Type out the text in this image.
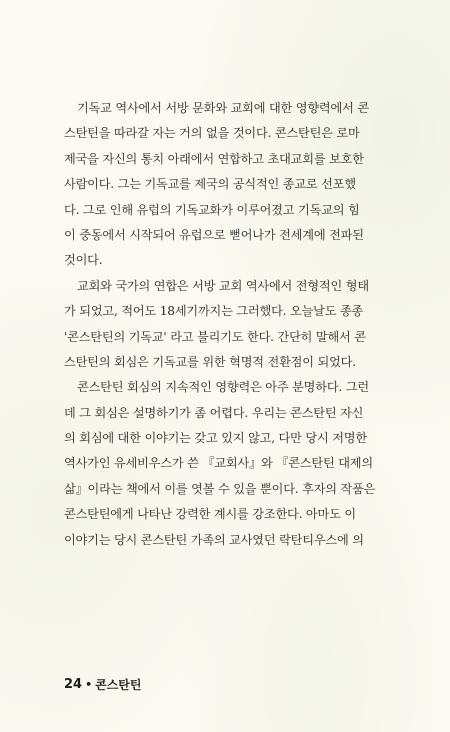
기독교 역사에서 서방 문화와 교회에 대한 영향력에서 콘
스탄틴을 따라갈 자는 거의 없을 것이다. 콘스탄틴은 로마
제국을 자신의 통치 아래에서 연합하고 초대교회를 보호한
사람이다. 그는 기독교를 제국의 공식적인 종교로 선포했
다. 그로 인해 유럽의 기독교화가 이루어졌고 기독교의 힘
이 중동에서 시작되어 유럽으로 뻗어나가 전세계에 전파된
것이다.
교회와 국가의 연합은 서방 교회 역사에서 전형적인 형태
가 되었고, 적어도 18세기까지는 그러했다. 오늘날도 종종
'콘스탄틴의 기독교' 라고 불리기도 한다. 간단히 말해서 콘
스탄틴의 회심은 기독교를 위한 혁명적 전환점이 되었다.
콘스탄틴 회심의 지속적인 영향력은 아주 분명하다. 그런
데 그 회심은 설명하기가 좀 어렵다. 우리는 콘스탄틴 자신
의 회심에 대한 이야기는 갖고 있지 않고, 다만 당시 저명한
역사가인 유세비우스가 쓴 『교회사』와 『콘스탄틴 대제의
삶』이라는 책에서 이를 엿볼 수 있을 뿐이다. 후자의 작품은
콘스탄틴에게 나타난 강력한 계시를 강조한다. 아마도 이
이야기는 당시 콘스탄틴 가족의 교사였던 락탄티우스에 의
24 • 콘스탄틴
